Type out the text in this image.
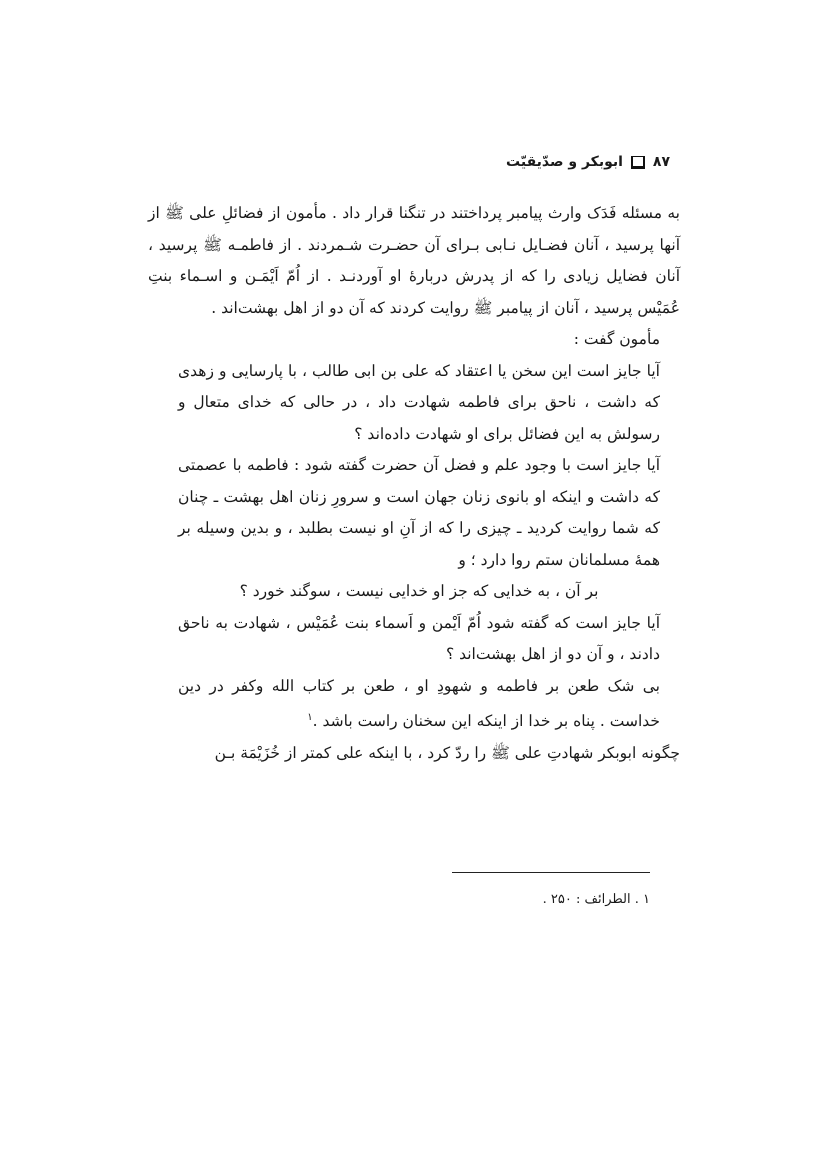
۸۷
ابوبکر و صدّیقیّت

به مسئله فَدَک وارث پیامبر پرداختند در تنگنا قرار داد . مأمون از فضائلِ علی ﷺ از آنها پرسید ، آنان فضـایل نـابی بـرای آن حضـرت شـمردند . از فاطمـه ﷺ پرسید ، آنان فضایل زیادی را که از پدرش دربارهٔ او آوردنـد . از اُمّ اَیْمَـن و اسـماء بنتِ عُمَیْس پرسید ، آنان از پیامبر ﷺ روایت کردند که آن دو از اهل بهشت‌اند .

مأمون گفت :

آیا جایز است این سخن یا اعتقاد که علی بن ابی طالب ، با پارسایی و زهدی که داشت ، ناحق برای فاطمه شهادت داد ، در حالی که خدای متعال و رسولش به این فضائل برای او شهادت داده‌اند ؟

آیا جایز است با وجود علم و فضل آن حضرت گفته شود : فاطمه با عصمتی که داشت و اینکه او بانوی زنان جهان است و سرورِ زنان اهل بهشت ـ چنان که شما روایت کردید ـ چیزی را که از آنِ او نیست بطلبد ، و بدین وسیله بر همهٔ مسلمانان ستم روا دارد ؛ و

بر آن ، به خدایی که جز او خدایی نیست ، سوگند خورد ؟

آیا جایز است که گفته شود اُمّ اَیْمن و اَسماء بنت عُمَیْس ، شهادت به ناحق دادند ، و آن دو از اهل بهشت‌اند ؟

بی شک طعن بر فاطمه و شهودِ او ، طعن بر کتاب الله وکفر در دین خداست . پناه بر خدا از اینکه این سخنان راست باشد .$^۱$

چگونه ابوبکر شهادتِ علی ﷺ را ردّ کرد ، با اینکه علی کمتر از خُزَیْمَة بـن

۱ . الطرائف : ۲۵۰ .
